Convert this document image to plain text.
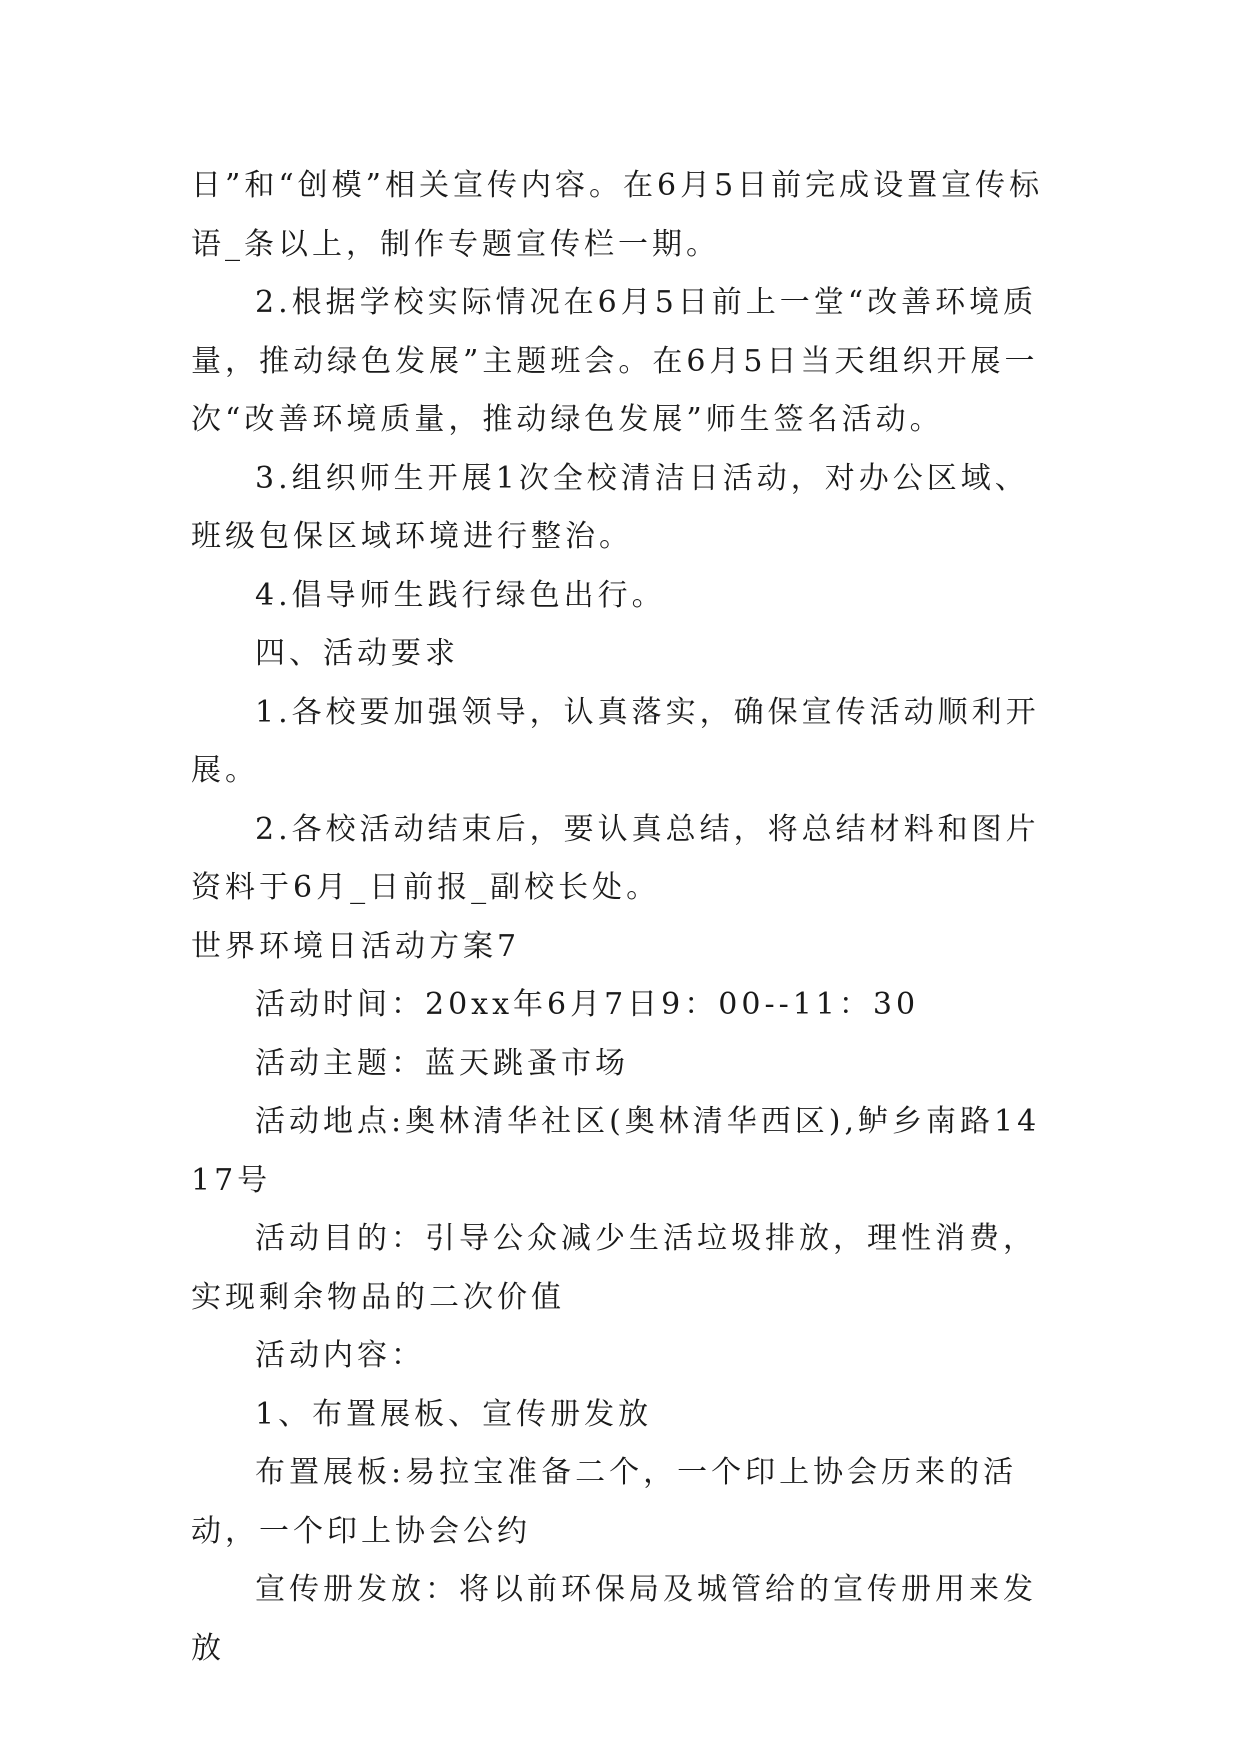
日”和“创模”相关宣传内容。在6月5日前完成设置宣传标语_条以上，制作专题宣传栏一期。

2.根据学校实际情况在6月5日前上一堂“改善环境质量，推动绿色发展”主题班会。在6月5日当天组织开展一次“改善环境质量，推动绿色发展”师生签名活动。

3.组织师生开展1次全校清洁日活动，对办公区域、班级包保区域环境进行整治。

4.倡导师生践行绿色出行。

四、活动要求

1.各校要加强领导，认真落实，确保宣传活动顺利开展。

2.各校活动结束后，要认真总结，将总结材料和图片资料于6月_日前报_副校长处。

世界环境日活动方案7

活动时间：20xx年6月7日9：00--11：30

活动主题：蓝天跳蚤市场

活动地点:奥林清华社区(奥林清华西区),鲈乡南路1417号

活动目的：引导公众减少生活垃圾排放，理性消费，实现剩余物品的二次价值

活动内容：

1、布置展板、宣传册发放

布置展板:易拉宝准备二个，一个印上协会历来的活动，一个印上协会公约

宣传册发放：将以前环保局及城管给的宣传册用来发放
